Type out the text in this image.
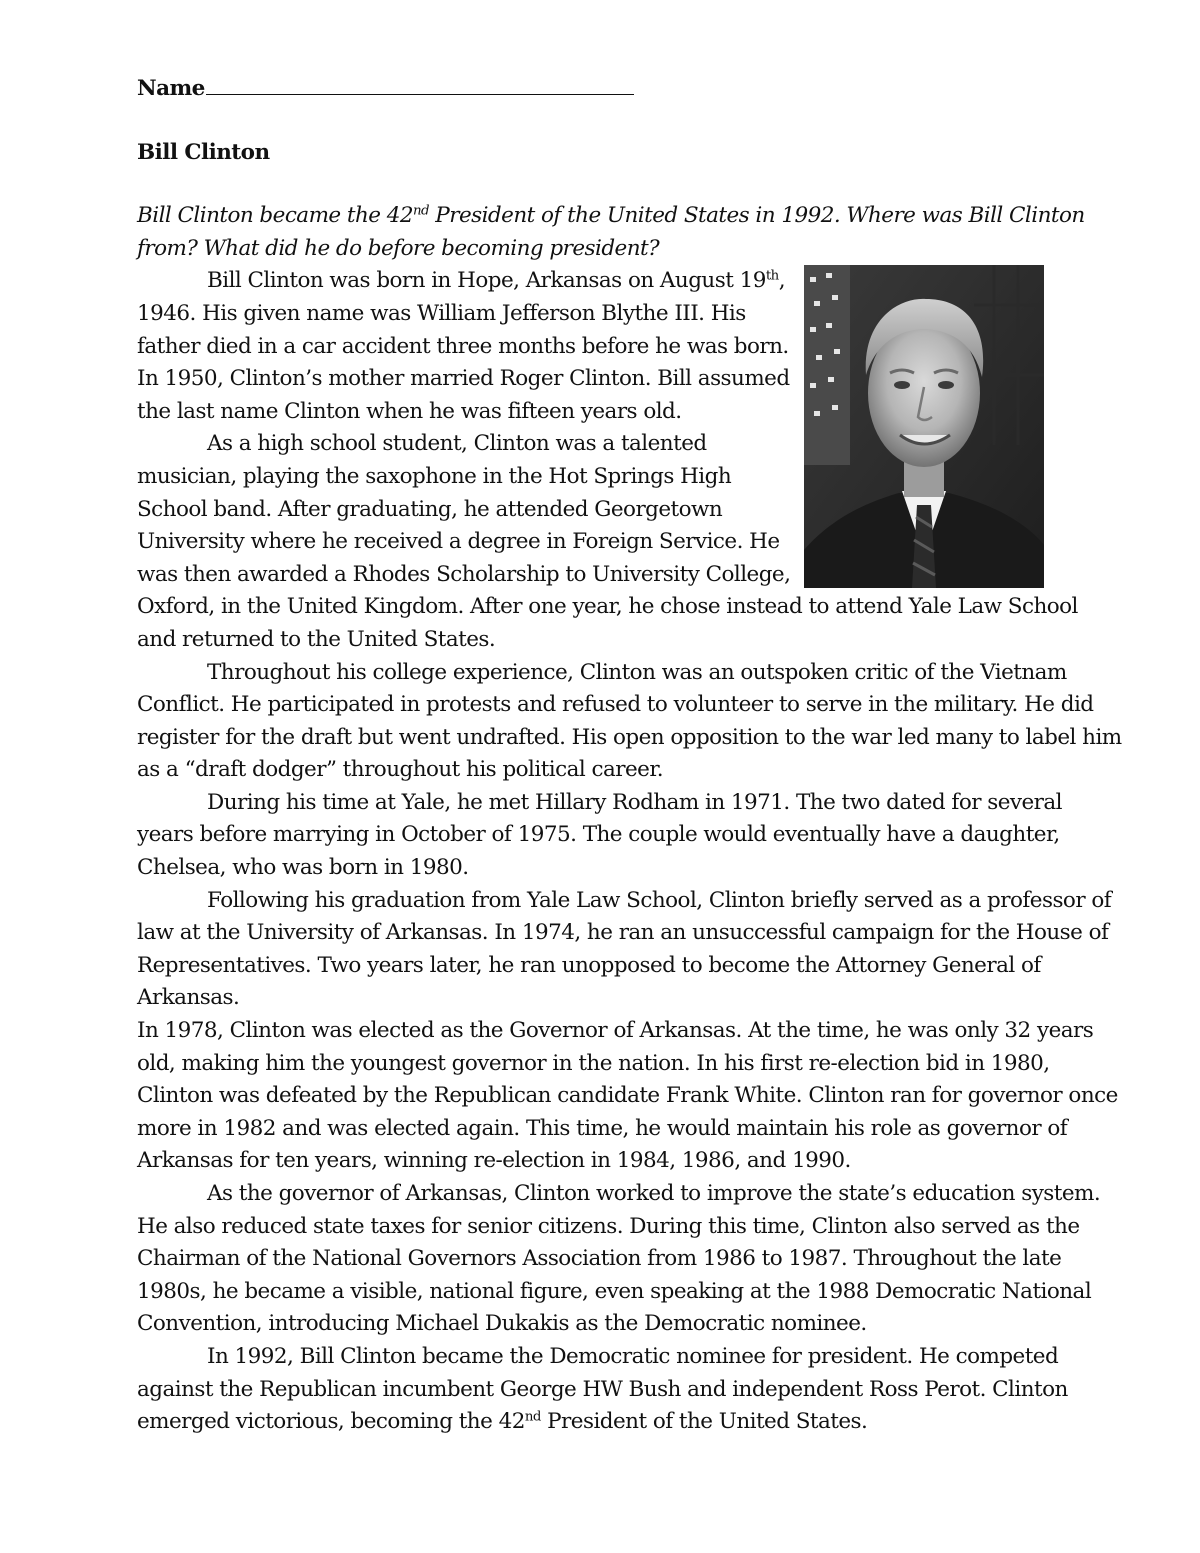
Name

Bill Clinton

Bill Clinton became the 42nd President of the United States in 1992. Where was Bill Clinton from? What did he do before becoming president?

Bill Clinton was born in Hope, Arkansas on August 19th, 1946. His given name was William Jefferson Blythe III. His father died in a car accident three months before he was born. In 1950, Clinton’s mother married Roger Clinton. Bill assumed the last name Clinton when he was fifteen years old.

As a high school student, Clinton was a talented musician, playing the saxophone in the Hot Springs High School band. After graduating, he attended Georgetown University where he received a degree in Foreign Service. He was then awarded a Rhodes Scholarship to University College, Oxford, in the United Kingdom. After one year, he chose instead to attend Yale Law School and returned to the United States.

Throughout his college experience, Clinton was an outspoken critic of the Vietnam Conflict. He participated in protests and refused to volunteer to serve in the military. He did register for the draft but went undrafted. His open opposition to the war led many to label him as a “draft dodger” throughout his political career.

During his time at Yale, he met Hillary Rodham in 1971. The two dated for several years before marrying in October of 1975. The couple would eventually have a daughter, Chelsea, who was born in 1980.

Following his graduation from Yale Law School, Clinton briefly served as a professor of law at the University of Arkansas. In 1974, he ran an unsuccessful campaign for the House of Representatives. Two years later, he ran unopposed to become the Attorney General of Arkansas.

In 1978, Clinton was elected as the Governor of Arkansas. At the time, he was only 32 years old, making him the youngest governor in the nation. In his first re-election bid in 1980, Clinton was defeated by the Republican candidate Frank White. Clinton ran for governor once more in 1982 and was elected again. This time, he would maintain his role as governor of Arkansas for ten years, winning re-election in 1984, 1986, and 1990.

As the governor of Arkansas, Clinton worked to improve the state’s education system. He also reduced state taxes for senior citizens. During this time, Clinton also served as the Chairman of the National Governors Association from 1986 to 1987. Throughout the late 1980s, he became a visible, national figure, even speaking at the 1988 Democratic National Convention, introducing Michael Dukakis as the Democratic nominee.

In 1992, Bill Clinton became the Democratic nominee for president. He competed against the Republican incumbent George HW Bush and independent Ross Perot. Clinton emerged victorious, becoming the 42nd President of the United States.
